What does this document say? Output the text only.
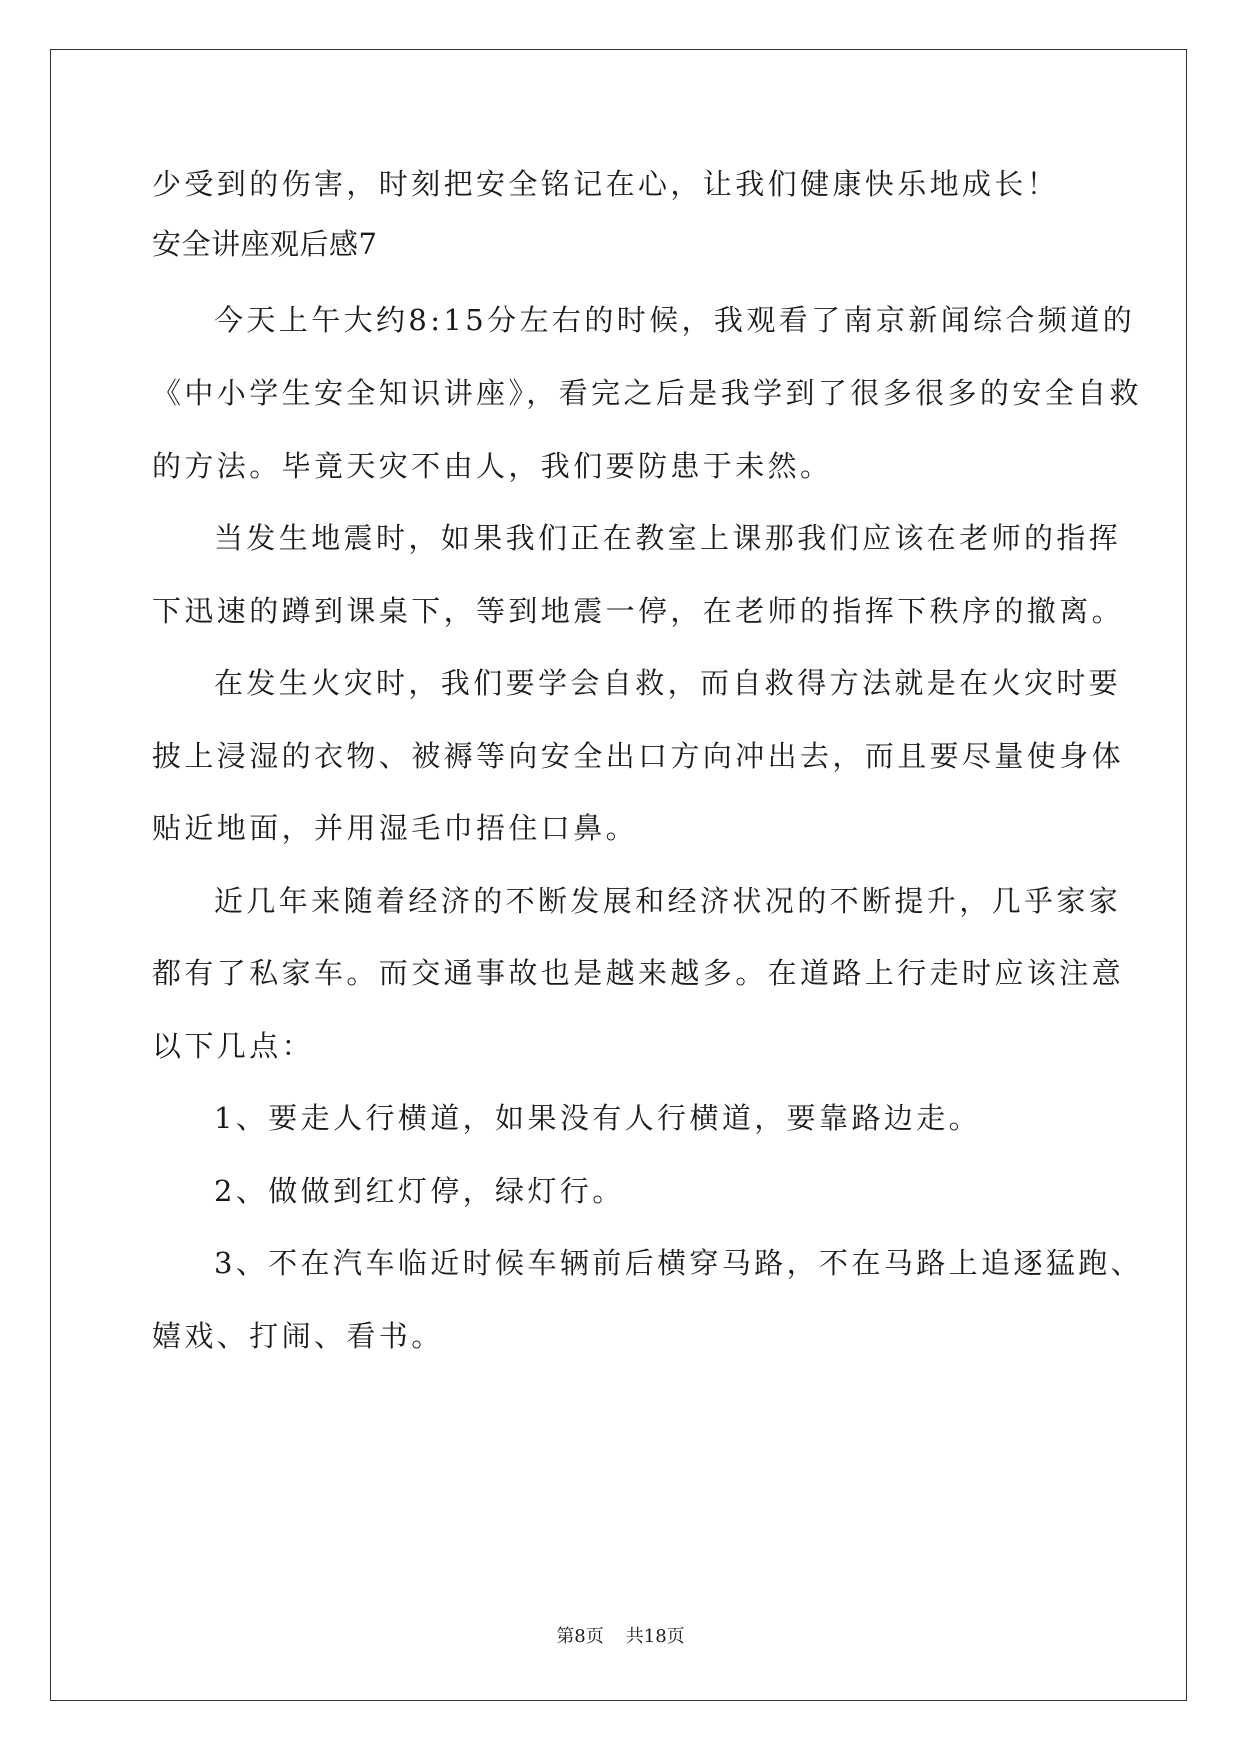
少受到的伤害，时刻把安全铭记在心，让我们健康快乐地成长！
安全讲座观后感7
今天上午大约8:15分左右的时候，我观看了南京新闻综合频道的
《中小学生安全知识讲座》，看完之后是我学到了很多很多的安全自救
的方法。毕竟天灾不由人，我们要防患于未然。
当发生地震时，如果我们正在教室上课那我们应该在老师的指挥
下迅速的蹲到课桌下，等到地震一停，在老师的指挥下秩序的撤离。
在发生火灾时，我们要学会自救，而自救得方法就是在火灾时要
披上浸湿的衣物、被褥等向安全出口方向冲出去，而且要尽量使身体
贴近地面，并用湿毛巾捂住口鼻。
近几年来随着经济的不断发展和经济状况的不断提升，几乎家家
都有了私家车。而交通事故也是越来越多。在道路上行走时应该注意
以下几点：
1、要走人行横道，如果没有人行横道，要靠路边走。
2、做做到红灯停，绿灯行。
3、不在汽车临近时候车辆前后横穿马路，不在马路上追逐猛跑、
嬉戏、打闹、看书。
第8页 共18页
